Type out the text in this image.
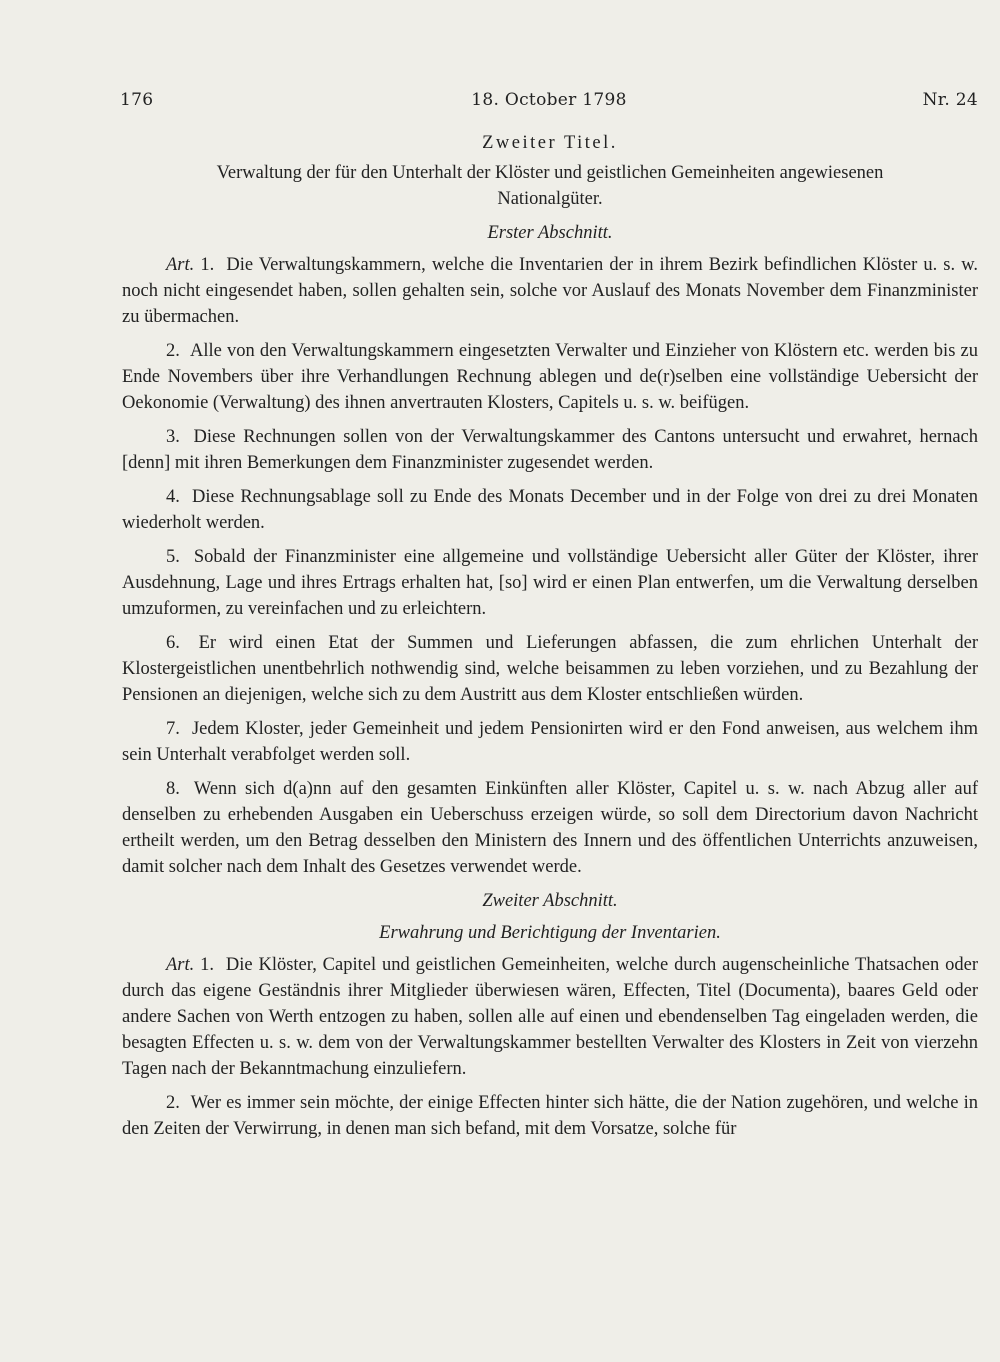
176	18. October 1798	Nr. 24
Zweiter Titel.
Verwaltung der für den Unterhalt der Klöster und geistlichen Gemeinheiten angewiesenen Nationalgüter.
Erster Abschnitt.

Art. 1. Die Verwaltungskammern, welche die Inventarien der in ihrem Bezirk befindlichen Klöster u. s. w. noch nicht eingesendet haben, sollen gehalten sein, solche vor Auslauf des Monats November dem Finanzminister zu übermachen.

2. Alle von den Verwaltungskammern eingesetzten Verwalter und Einzieher von Klöstern etc. werden bis zu Ende Novembers über ihre Verhandlungen Rechnung ablegen und de(r)selben eine vollständige Uebersicht der Oekonomie (Verwaltung) des ihnen anvertrauten Klosters, Capitels u. s. w. beifügen.

3. Diese Rechnungen sollen von der Verwaltungskammer des Cantons untersucht und erwahret, hernach [denn] mit ihren Bemerkungen dem Finanzminister zugesendet werden.

4. Diese Rechnungsablage soll zu Ende des Monats December und in der Folge von drei zu drei Monaten wiederholt werden.

5. Sobald der Finanzminister eine allgemeine und vollständige Uebersicht aller Güter der Klöster, ihrer Ausdehnung, Lage und ihres Ertrags erhalten hat, [so] wird er einen Plan entwerfen, um die Verwaltung derselben umzuformen, zu vereinfachen und zu erleichtern.

6. Er wird einen Etat der Summen und Lieferungen abfassen, die zum ehrlichen Unterhalt der Klostergeistlichen unentbehrlich nothwendig sind, welche beisammen zu leben vorziehen, und zu Bezahlung der Pensionen an diejenigen, welche sich zu dem Austritt aus dem Kloster entschließen würden.

7. Jedem Kloster, jeder Gemeinheit und jedem Pensionirten wird er den Fond anweisen, aus welchem ihm sein Unterhalt verabfolget werden soll.

8. Wenn sich d(a)nn auf den gesamten Einkünften aller Klöster, Capitel u. s. w. nach Abzug aller auf denselben zu erhebenden Ausgaben ein Ueberschuss erzeigen würde, so soll dem Directorium davon Nachricht ertheilt werden, um den Betrag desselben den Ministern des Innern und des öffentlichen Unterrichts anzuweisen, damit solcher nach dem Inhalt des Gesetzes verwendet werde.

Zweiter Abschnitt.
Erwahrung und Berichtigung der Inventarien.

Art. 1. Die Klöster, Capitel und geistlichen Gemeinheiten, welche durch augenscheinliche Thatsachen oder durch das eigene Geständnis ihrer Mitglieder überwiesen wären, Effecten, Titel (Documenta), baares Geld oder andere Sachen von Werth entzogen zu haben, sollen alle auf einen und ebendenselben Tag eingeladen werden, die besagten Effecten u. s. w. dem von der Verwaltungskammer bestellten Verwalter des Klosters in Zeit von vierzehn Tagen nach der Bekanntmachung einzuliefern.

2. Wer es immer sein möchte, der einige Effecten hinter sich hätte, die der Nation zugehören, und welche in den Zeiten der Verwirrung, in denen man sich befand, mit dem Vorsatze, solche für
